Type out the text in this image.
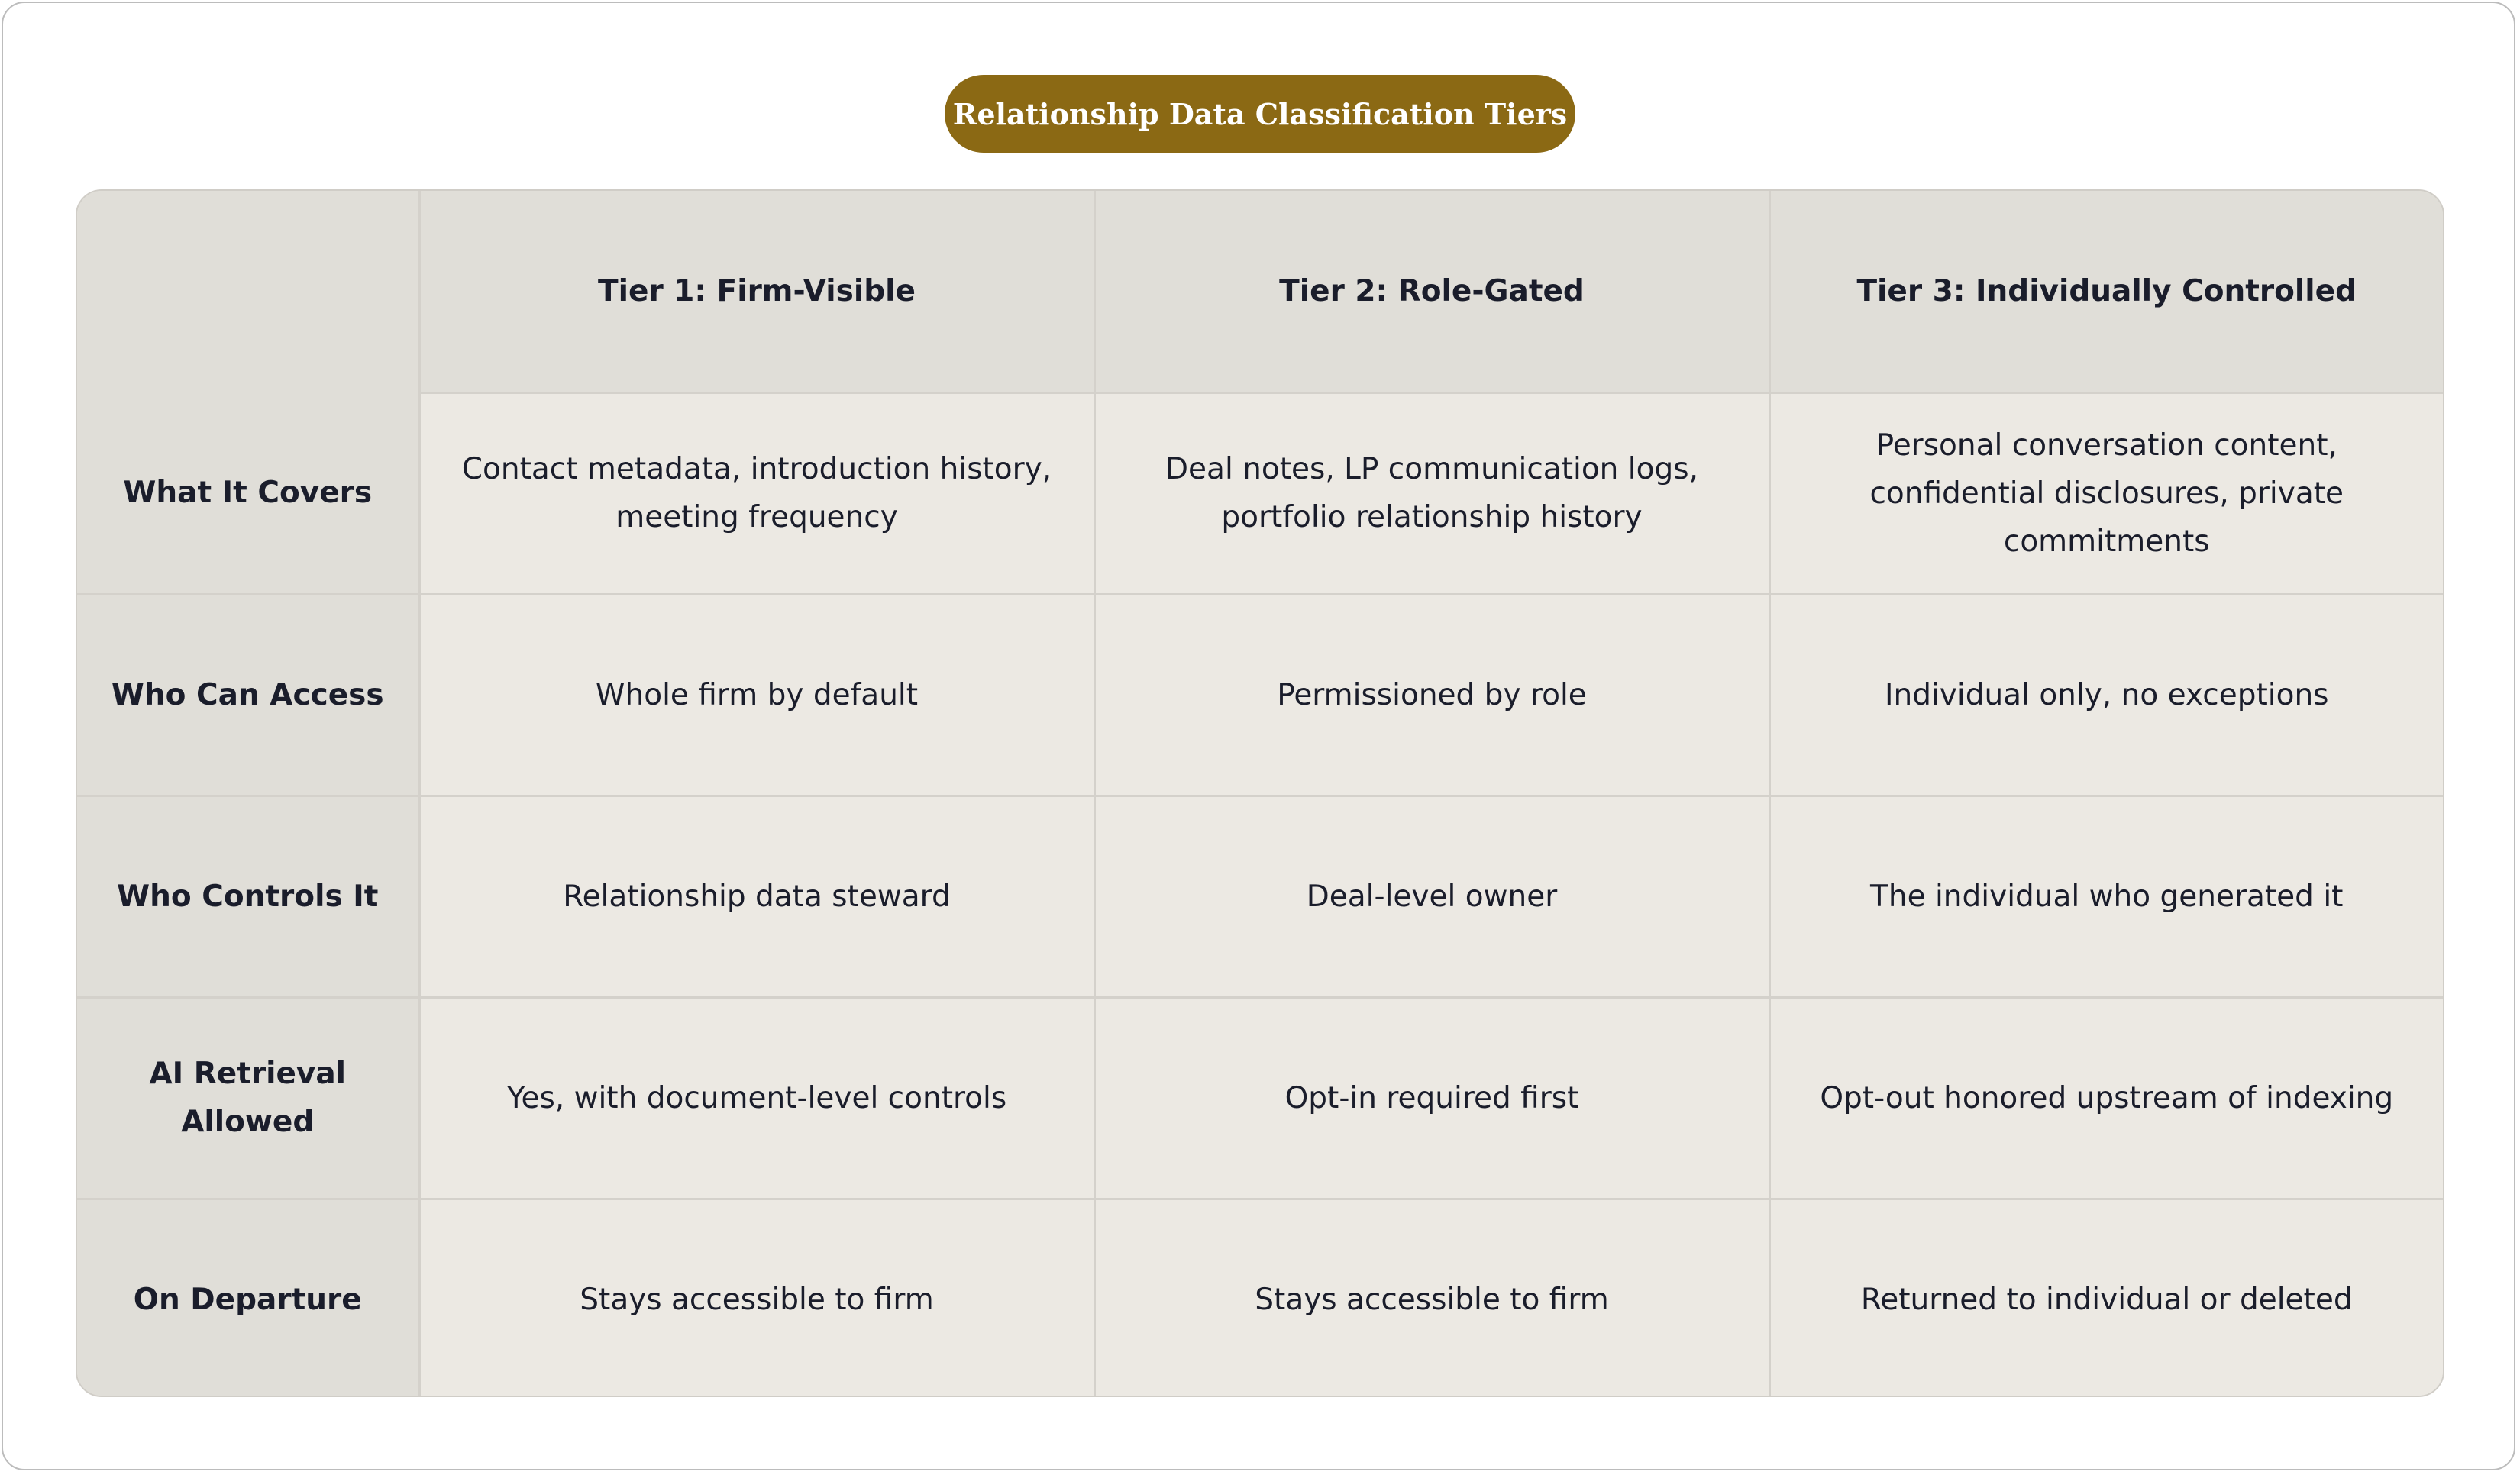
Relationship Data Classification Tiers
	Tier 1: Firm-Visible	Tier 2: Role-Gated	Tier 3: Individually Controlled
What It Covers	Contact metadata, introduction history, meeting frequency	Deal notes, LP communication logs, portfolio relationship history	Personal conversation content, confidential disclosures, private commitments
Who Can Access	Whole firm by default	Permissioned by role	Individual only, no exceptions
Who Controls It	Relationship data steward	Deal-level owner	The individual who generated it
AI Retrieval Allowed	Yes, with document-level controls	Opt-in required first	Opt-out honored upstream of indexing
On Departure	Stays accessible to firm	Stays accessible to firm	Returned to individual or deleted
